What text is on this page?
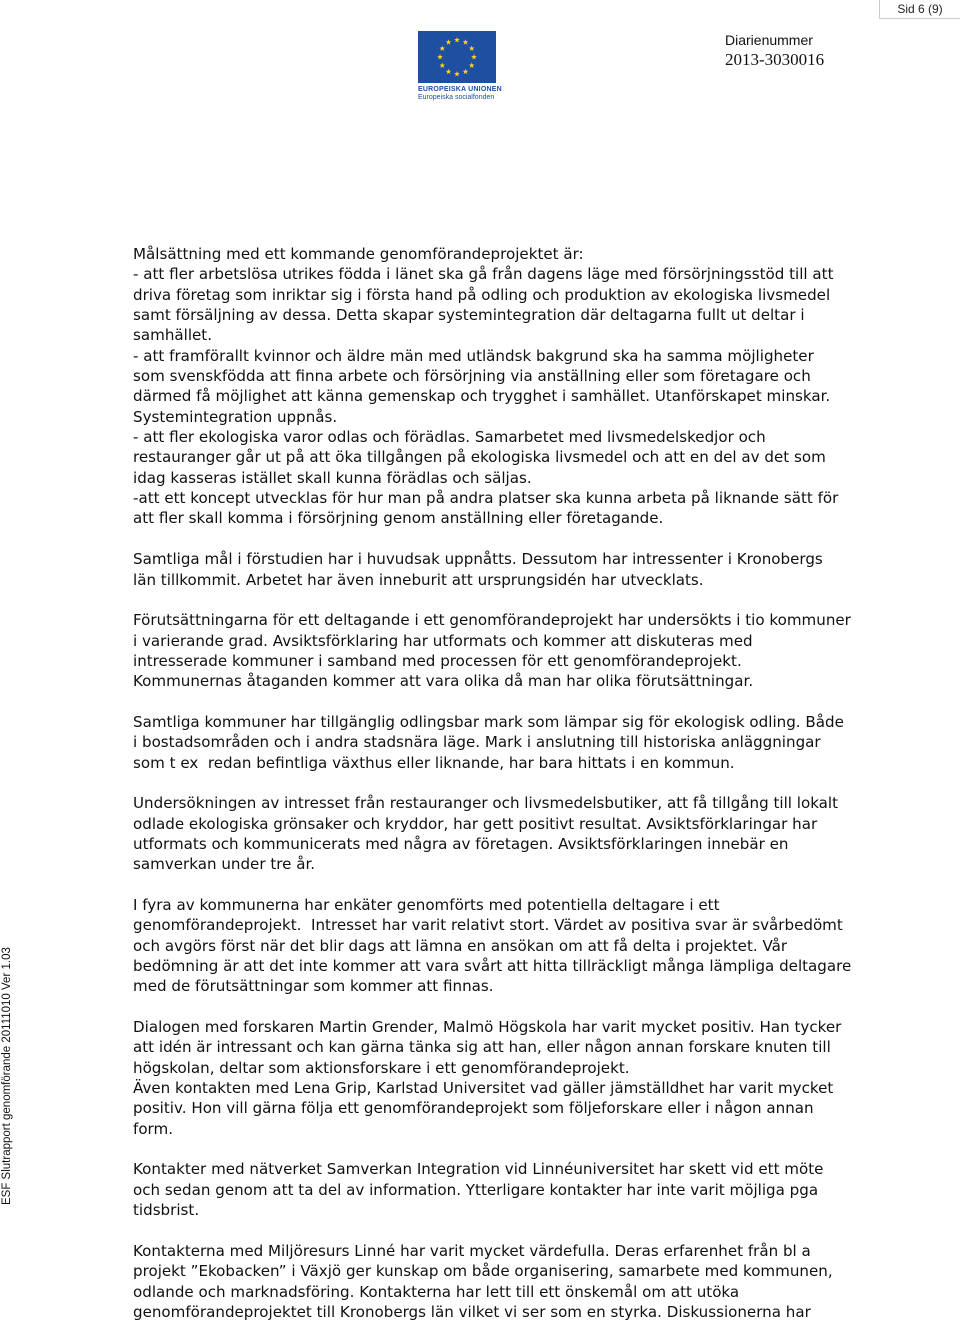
Sid 6 (9)
EUROPEISKA UNIONEN
Europeiska socialfonden
Diarienummer
2013-3030016
ESF Slutrapport genomförande 20111010 Ver 1.03
Målsättning med ett kommande genomförandeprojektet är:
- att fler arbetslösa utrikes födda i länet ska gå från dagens läge med försörjningsstöd till att
driva företag som inriktar sig i första hand på odling och produktion av ekologiska livsmedel
samt försäljning av dessa. Detta skapar systemintegration där deltagarna fullt ut deltar i
samhället.
- att framförallt kvinnor och äldre män med utländsk bakgrund ska ha samma möjligheter
som svenskfödda att finna arbete och försörjning via anställning eller som företagare och
därmed få möjlighet att känna gemenskap och trygghet i samhället. Utanförskapet minskar.
Systemintegration uppnås.
- att fler ekologiska varor odlas och förädlas. Samarbetet med livsmedelskedjor och
restauranger går ut på att öka tillgången på ekologiska livsmedel och att en del av det som
idag kasseras istället skall kunna förädlas och säljas.
-att ett koncept utvecklas för hur man på andra platser ska kunna arbeta på liknande sätt för
att fler skall komma i försörjning genom anställning eller företagande.
Samtliga mål i förstudien har i huvudsak uppnåtts. Dessutom har intressenter i Kronobergs
län tillkommit. Arbetet har även inneburit att ursprungsidén har utvecklats.
Förutsättningarna för ett deltagande i ett genomförandeprojekt har undersökts i tio kommuner
i varierande grad. Avsiktsförklaring har utformats och kommer att diskuteras med
intresserade kommuner i samband med processen för ett genomförandeprojekt.
Kommunernas åtaganden kommer att vara olika då man har olika förutsättningar.
Samtliga kommuner har tillgänglig odlingsbar mark som lämpar sig för ekologisk odling. Både
i bostadsområden och i andra stadsnära läge. Mark i anslutning till historiska anläggningar
som t ex  redan befintliga växthus eller liknande, har bara hittats i en kommun.
Undersökningen av intresset från restauranger och livsmedelsbutiker, att få tillgång till lokalt
odlade ekologiska grönsaker och kryddor, har gett positivt resultat. Avsiktsförklaringar har
utformats och kommunicerats med några av företagen. Avsiktsförklaringen innebär en
samverkan under tre år.
I fyra av kommunerna har enkäter genomförts med potentiella deltagare i ett
genomförandeprojekt.  Intresset har varit relativt stort. Värdet av positiva svar är svårbedömt
och avgörs först när det blir dags att lämna en ansökan om att få delta i projektet. Vår
bedömning är att det inte kommer att vara svårt att hitta tillräckligt många lämpliga deltagare
med de förutsättningar som kommer att finnas.
Dialogen med forskaren Martin Grender, Malmö Högskola har varit mycket positiv. Han tycker
att idén är intressant och kan gärna tänka sig att han, eller någon annan forskare knuten till
högskolan, deltar som aktionsforskare i ett genomförandeprojekt.
Även kontakten med Lena Grip, Karlstad Universitet vad gäller jämställdhet har varit mycket
positiv. Hon vill gärna följa ett genomförandeprojekt som följeforskare eller i någon annan
form.
Kontakter med nätverket Samverkan Integration vid Linnéuniversitet har skett vid ett möte
och sedan genom att ta del av information. Ytterligare kontakter har inte varit möjliga pga
tidsbrist.
Kontakterna med Miljöresurs Linné har varit mycket värdefulla. Deras erfarenhet från bl a
projekt ”Ekobacken” i Växjö ger kunskap om både organisering, samarbete med kommunen,
odlande och marknadsföring. Kontakterna har lett till ett önskemål om att utöka
genomförandeprojektet till Kronobergs län vilket vi ser som en styrka. Diskussionerna har
